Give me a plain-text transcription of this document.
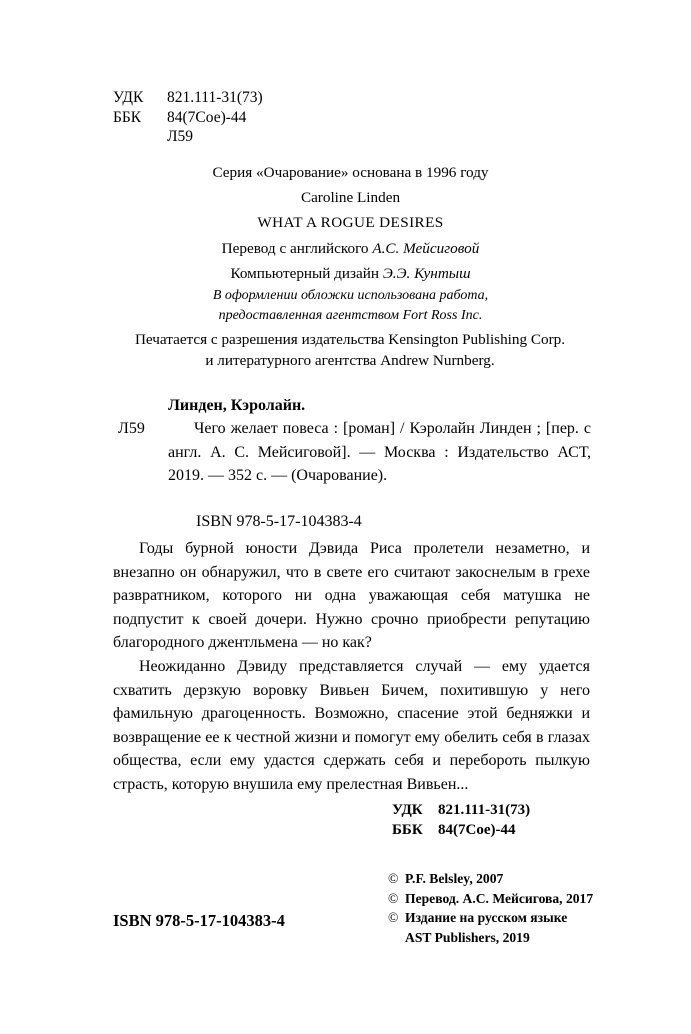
УДК	821.111-31(73)
ББК	84(7Сое)-44
Л59
Серия «Очарование» основана в 1996 году
Caroline Linden
WHAT A ROGUE DESIRES
Перевод с английского А.С. Мейсиговой
Компьютерный дизайн Э.Э. Кунтыш
В оформлении обложки использована работа,
предоставленная агентством Fort Ross Inc.
Печатается с разрешения издательства Kensington Publishing Corp.
и литературного агентства Andrew Nurnberg.
Линден, Кэролайн.
Л59	Чего желает повеса : [роман] / Кэролайн Линден ; [пер. с англ. А. С. Мейсиговой]. — Москва : Издательство АСТ, 2019. — 352 с. — (Очарование).
ISBN 978-5-17-104383-4

Годы бурной юности Дэвида Риса пролетели незаметно, и внезапно он обнаружил, что в свете его считают закоснелым в грехе развратником, которого ни одна уважающая себя матушка не подпустит к своей дочери. Нужно срочно приобрести репутацию благородного джентльмена — но как?

Неожиданно Дэвиду представляется случай — ему удается схватить дерзкую воровку Вивьен Бичем, похитившую у него фамильную драгоценность. Возможно, спасение этой бедняжки и возвращение ее к честной жизни и помогут ему обелить себя в глазах общества, если ему удастся сдержать себя и перебороть пылкую страсть, которую внушила ему прелестная Вивьен...

УДК	821.111-31(73)
ББК	84(7Сое)-44
© P.F. Belsley, 2007
© Перевод. А.С. Мейсигова, 2017
© Издание на русском языке
AST Publishers, 2019
ISBN 978-5-17-104383-4
